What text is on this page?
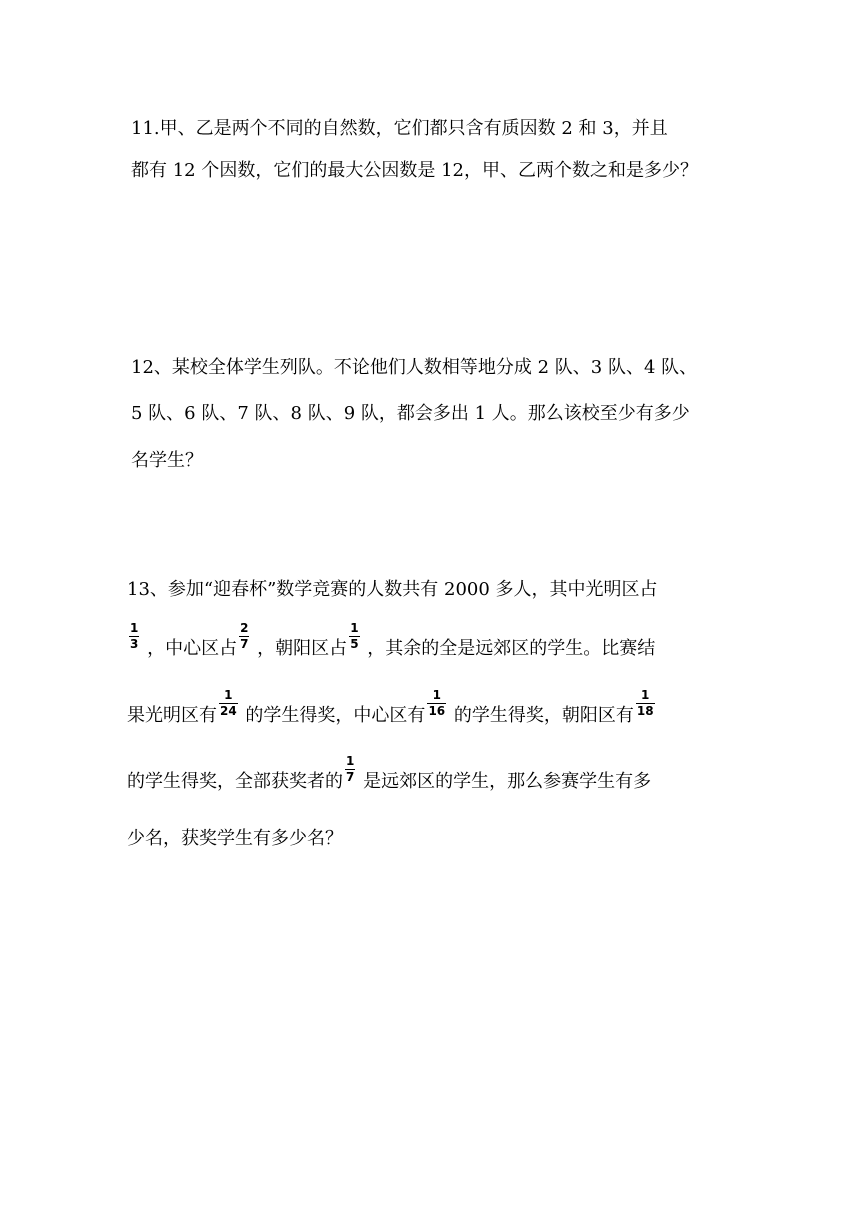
11.甲、乙是两个不同的自然数，它们都只含有质因数 2 和 3，并且
都有 12 个因数，它们的最大公因数是 12，甲、乙两个数之和是多少？
12、某校全体学生列队。不论他们人数相等地分成 2 队、3 队、4 队、
5 队、6 队、7 队、8 队、9 队，都会多出 1 人。那么该校至少有多少
名学生？
13、参加“迎春杯”数学竞赛的人数共有 2000 多人，其中光明区占
$\frac{1}{3}$ ，中心区占 $\frac{2}{7}$ ，朝阳区占 $\frac{1}{5}$ ，其余的全是远郊区的学生。比赛结
果光明区有 $\frac{1}{24}$ 的学生得奖，中心区有 $\frac{1}{16}$ 的学生得奖，朝阳区有 $\frac{1}{18}$
的学生得奖，全部获奖者的 $\frac{1}{7}$ 是远郊区的学生，那么参赛学生有多
少名，获奖学生有多少名？
